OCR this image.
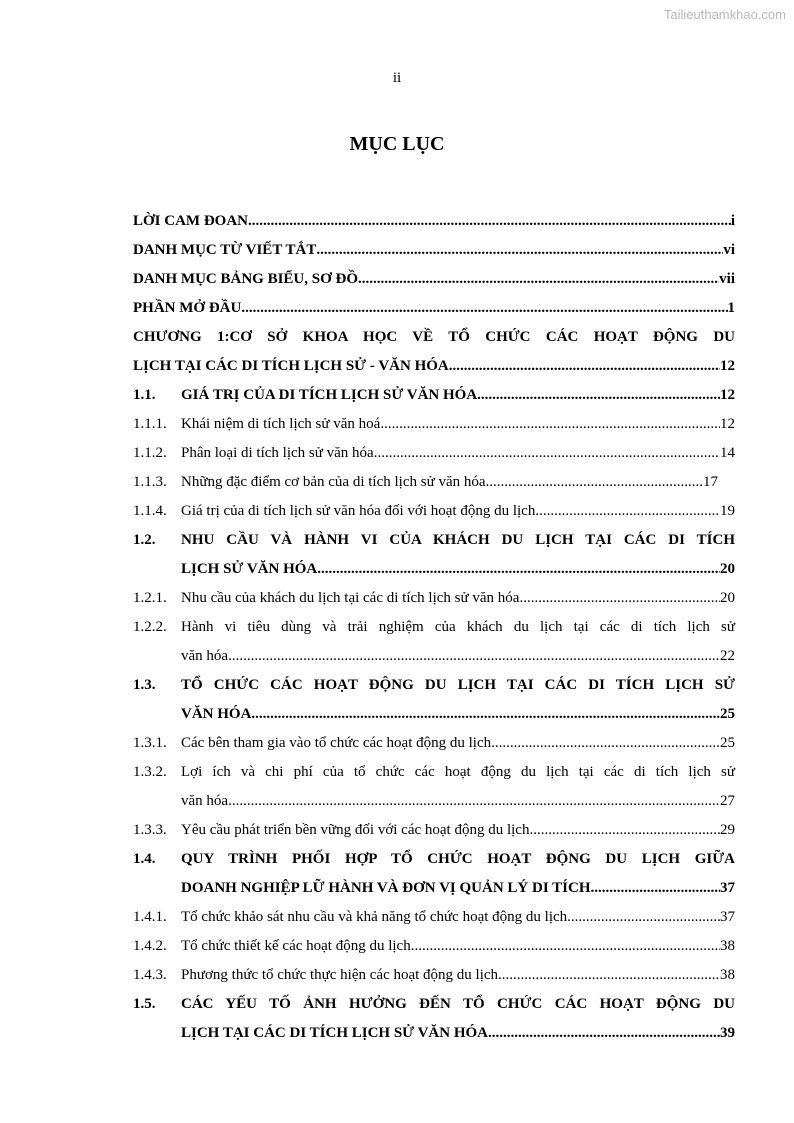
Tailieuthamkhao.com
ii
MỤC LỤC
LỜI CAM ĐOAN .....	i
DANH MỤC TỪ VIẾT TẮT .....	vi
DANH MỤC BẢNG BIỂU, SƠ ĐỒ .....	vii
PHẦN MỞ ĐẦU .....	1
CHƯƠNG 1:CƠ SỞ KHOA HỌC VỀ TỔ CHỨC CÁC HOẠT ĐỘNG DU
LỊCH TẠI CÁC DI TÍCH LỊCH SỬ - VĂN HÓA .....	12
1.1.	GIÁ TRỊ CỦA DI TÍCH LỊCH SỬ VĂN HÓA .....	12
1.1.1. Khái niệm di tích lịch sử văn hoá .....	12
1.1.2. Phân loại di tích lịch sử văn hóa .....	14
1.1.3. Những đặc điểm cơ bản của di tích lịch sử văn hóa .....	17
1.1.4. Giá trị của di tích lịch sử văn hóa đối với hoạt động du lịch .....	19
1.2.	NHU CẦU VÀ HÀNH VI CỦA KHÁCH DU LỊCH TẠI CÁC DI TÍCH
LỊCH SỬ VĂN HÓA .....	20
1.2.1. Nhu cầu của khách du lịch tại các di tích lịch sử văn hóa .....	20
1.2.2. Hành vi tiêu dùng và trải nghiệm của khách du lịch tại các di tích lịch sử
văn hóa .....	22
1.3.	TỔ CHỨC CÁC HOẠT ĐỘNG DU LỊCH TẠI CÁC DI TÍCH LỊCH SỬ
VĂN HÓA .....	25
1.3.1. Các bên tham gia vào tổ chức các hoạt động du lịch .....	25
1.3.2. Lợi ích và chi phí của tổ chức các hoạt động du lịch tại các di tích lịch sử
văn hóa .....	27
1.3.3. Yêu cầu phát triển bền vững đối với các hoạt động du lịch .....	29
1.4.	QUY TRÌNH PHỐI HỢP TỔ CHỨC HOẠT ĐỘNG DU LỊCH GIỮA
DOANH NGHIỆP LỮ HÀNH VÀ ĐƠN VỊ QUẢN LÝ DI TÍCH .....	37
1.4.1. Tổ chức khảo sát nhu cầu và khả năng tổ chức hoạt động du lịch .....	37
1.4.2. Tổ chức thiết kế các hoạt động du lịch .....	38
1.4.3. Phương thức tổ chức thực hiện các hoạt động du lịch .....	38
1.5.	CÁC YẾU TỐ ẢNH HƯỞNG ĐẾN TỔ CHỨC CÁC HOẠT ĐỘNG DU
LỊCH TẠI CÁC DI TÍCH LỊCH SỬ VĂN HÓA .....	39
